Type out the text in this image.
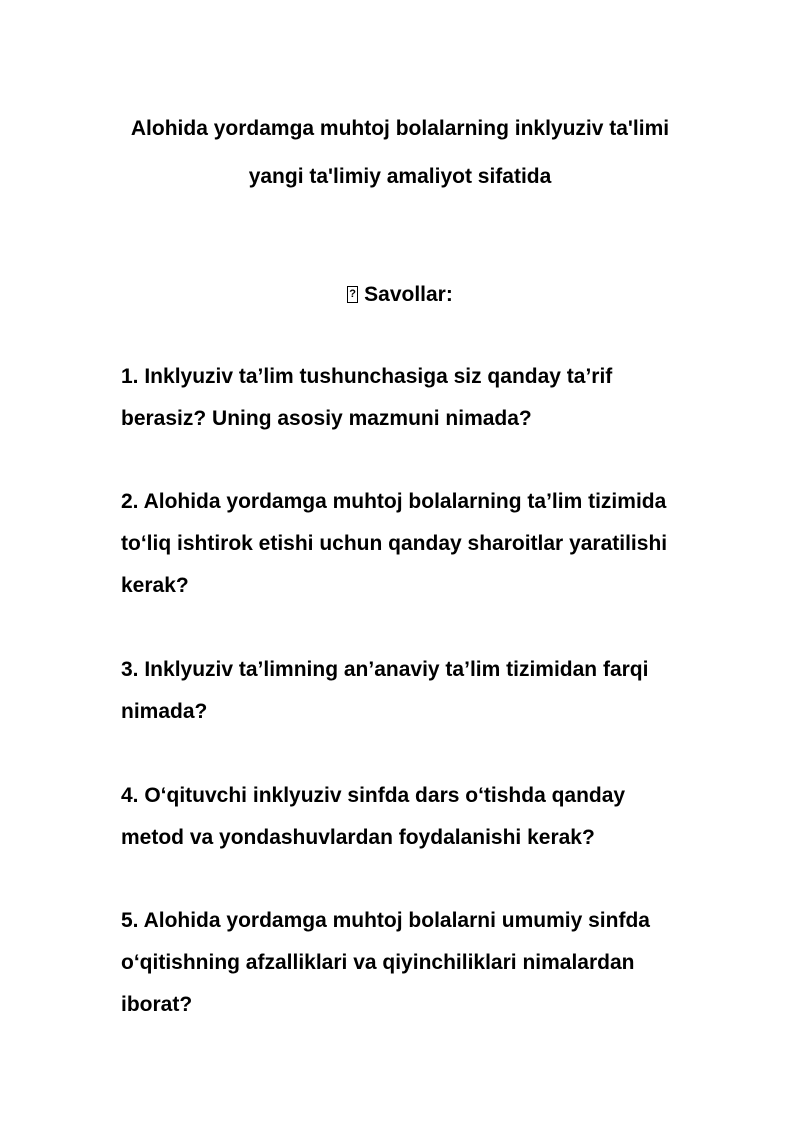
Alohida yordamga muhtoj bolalarning inklyuziv ta'limi
yangi ta'limiy amaliyot sifatida
?Savollar:

1. Inklyuziv ta’lim tushunchasiga siz qanday ta’rif
berasiz? Uning asosiy mazmuni nimada?

2. Alohida yordamga muhtoj bolalarning ta’lim tizimida
to‘liq ishtirok etishi uchun qanday sharoitlar yaratilishi
kerak?

3. Inklyuziv ta’limning an’anaviy ta’lim tizimidan farqi
nimada?

4. O‘qituvchi inklyuziv sinfda dars o‘tishda qanday
metod va yondashuvlardan foydalanishi kerak?

5. Alohida yordamga muhtoj bolalarni umumiy sinfda
o‘qitishning afzalliklari va qiyinchiliklari nimalardan
iborat?
